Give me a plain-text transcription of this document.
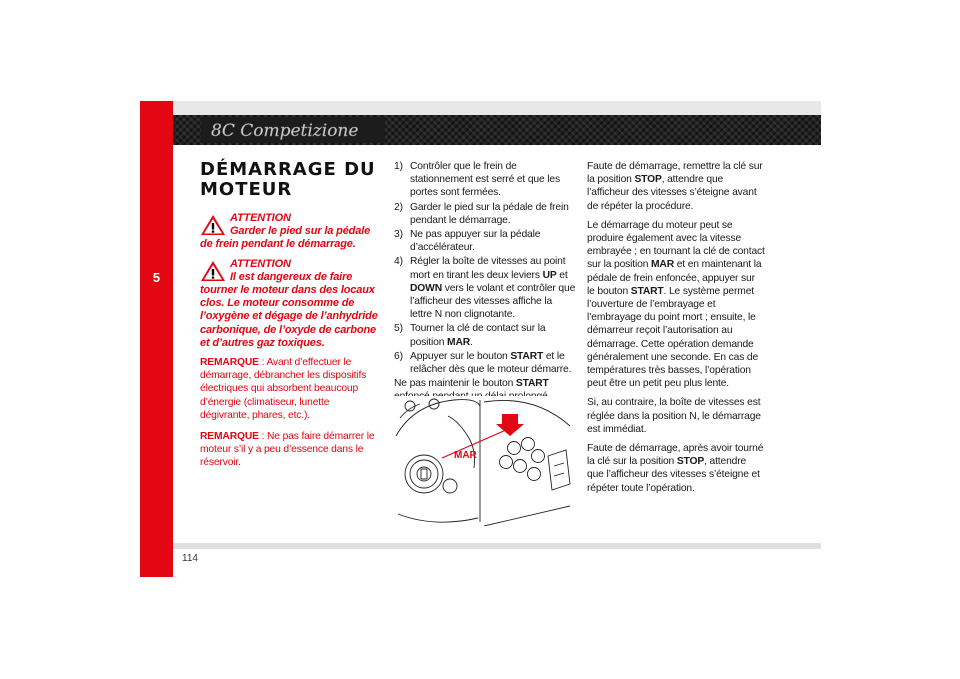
5
8C Competizione
DÉMARRAGE DU MOTEUR
ATTENTION
Garder le pied sur la pédale de frein pendant le démarrage.
ATTENTION
Il est dangereux de faire tourner le moteur dans des locaux clos. Le moteur consomme de l’oxygène et dégage de l’anhydride carbonique, de l’oxyde de carbone et d’autres gaz toxiques.
REMARQUE : Avant d’effectuer le démarrage, débrancher les dispositifs électriques qui absorbent beaucoup d’énergie (climatiseur, lunette dégivrante, phares, etc.).
REMARQUE : Ne pas faire démarrer le moteur s’il y a peu d’essence dans le réservoir.
1) Contrôler que le frein de stationnement est serré et que les portes sont fermées.
2) Garder le pied sur la pédale de frein pendant le démarrage.
3) Ne pas appuyer sur la pédale d’accélérateur.
4) Régler la boîte de vitesses au point mort en tirant les deux leviers UP et DOWN vers le volant et contrôler que l’afficheur des vitesses affiche la lettre N non clignotante.
5) Tourner la clé de contact sur la position MAR.
6) Appuyer sur le bouton START et le relâcher dès que le moteur démarre.

Ne pas maintenir le bouton START enfoncé pendant un délai prolongé.

MAR

Faute de démarrage, remettre la clé sur la position STOP, attendre que l’afficheur des vitesses s’éteigne avant de répéter la procédure.

Le démarrage du moteur peut se produire également avec la vitesse embrayée ; en tournant la clé de contact sur la position MAR et en maintenant la pédale de frein enfoncée, appuyer sur le bouton START. Le système permet l’ouverture de l’embrayage et l’embrayage du point mort ; ensuite, le démarreur reçoit l’autorisation au démarrage. Cette opération demande généralement une seconde. En cas de températures très basses, l’opération peut être un petit peu plus lente.

Si, au contraire, la boîte de vitesses est réglée dans la position N, le démarrage est immédiat.

Faute de démarrage, après avoir tourné la clé sur la position STOP, attendre que l’afficheur des vitesses s’éteigne et répéter toute l’opération.

114
